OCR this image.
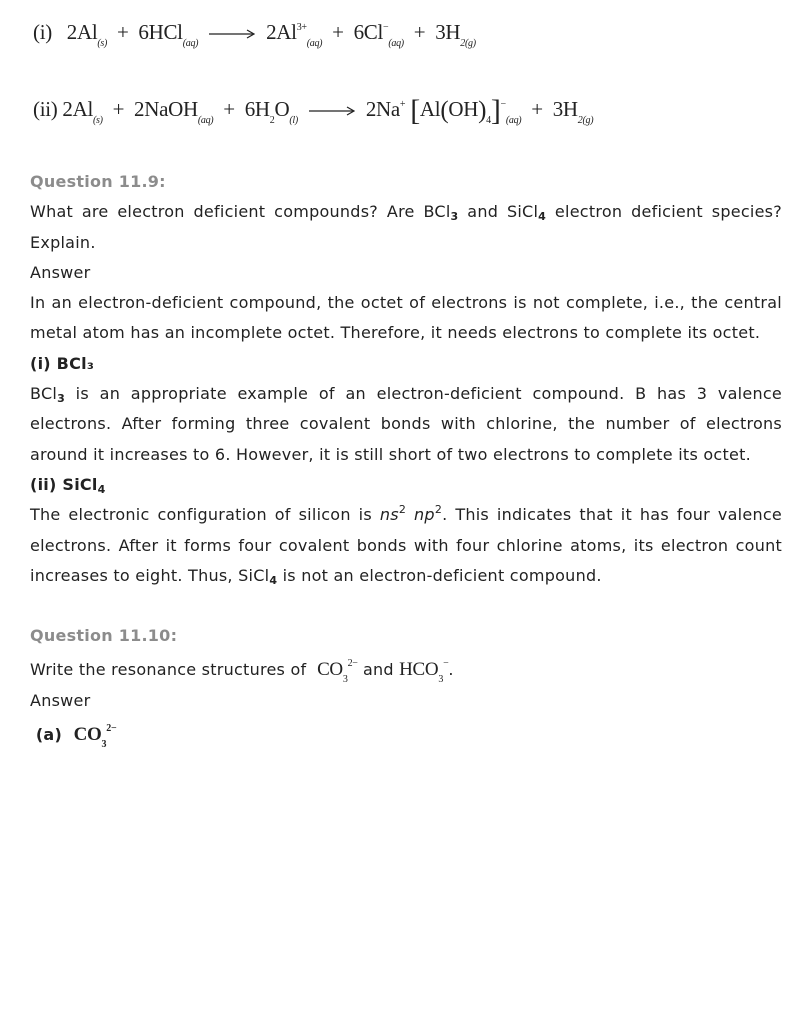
(i) $2Al_{(s)} + 6HCl_{(aq)} \to 2Al^{3+}_{(aq)} + 6Cl^-_{(aq)} + 3H_{2(g)}$
(ii) $2Al_{(s)}$ + 2NaOH$_{(aq)}$ + $6H_2O_{(l)} \to 2Na^+$ $[Al(OH)_4]^-_{(aq)} + 3H_{2(g)}$

Question 11.9:

What are electron deficient compounds? Are BCl$_3$ and SiCl$_4$ electron deficient species? Explain.

Answer

In an electron-deficient compound, the octet of electrons is not complete, i.e., the central metal atom has an incomplete octet. Therefore, it needs electrons to complete its octet.

(i) BCl₃

BCl$_3$ is an appropriate example of an electron-deficient compound. B has 3 valence electrons. After forming three covalent bonds with chlorine, the number of electrons around it increases to 6. However, it is still short of two electrons to complete its octet.

(ii) SiCl$_4$

The electronic configuration of silicon is $ns^2$ $np^2$. This indicates that it has four valence electrons. After it forms four covalent bonds with four chlorine atoms, its electron count increases to eight. Thus, SiCl$_4$ is not an electron-deficient compound.

Question 11.10:

Write the resonance structures of  $CO_3^{2-}$ and $HCO_3^-$.

Answer

(a) $CO_3^{2-}$
